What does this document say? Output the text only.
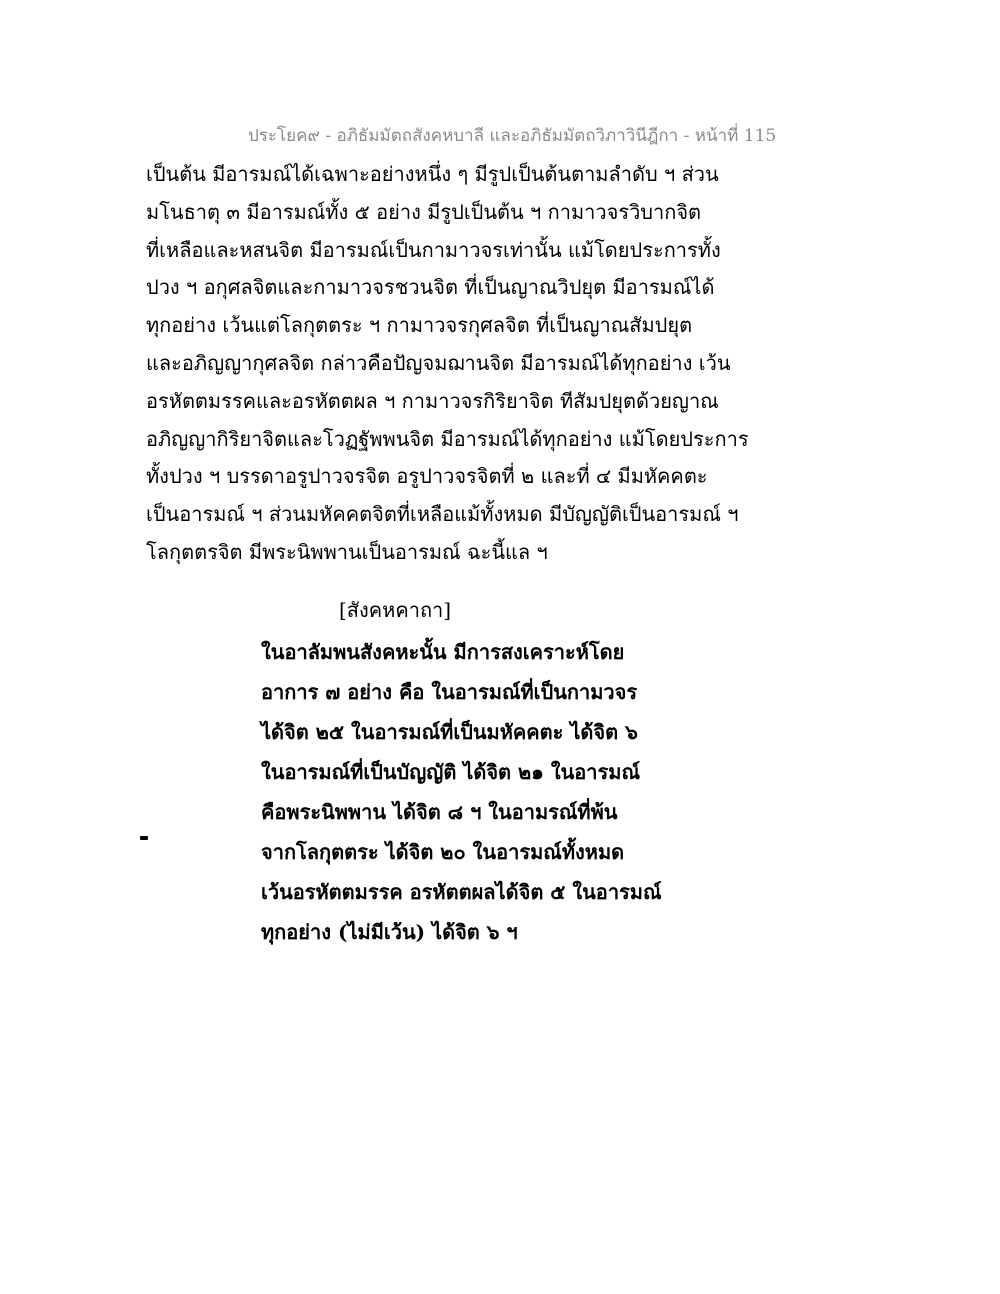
ประโยค๙ - อภิธัมมัตถสังคหบาลี และอภิธัมมัตถวิภาวินีฎีกา - หน้าที่ 115
เป็นต้น มีอารมณ์ได้เฉพาะอย่างหนึ่ง ๆ มีรูปเป็นต้นตามลำดับ ฯ ส่วน
มโนธาตุ ๓ มีอารมณ์ทั้ง ๕ อย่าง มีรูปเป็นต้น ฯ กามาวจรวิบากจิต
ที่เหลือและหสนจิต มีอารมณ์เป็นกามาวจรเท่านั้น แม้โดยประการทั้ง
ปวง ฯ อกุศลจิตและกามาวจรชวนจิต ที่เป็นญาณวิปยุต มีอารมณ์ได้
ทุกอย่าง เว้นแต่โลกุตตระ ฯ กามาวจรกุศลจิต ที่เป็นญาณสัมปยุต
และอภิญญากุศลจิต กล่าวคือปัญจมฌานจิต มีอารมณ์ได้ทุกอย่าง เว้น
อรหัตตมรรคและอรหัตตผล ฯ กามาวจรกิริยาจิต ทีสัมปยุตด้วยญาณ
อภิญญากิริยาจิตและโวฏฐัพพนจิต มีอารมณ์ได้ทุกอย่าง แม้โดยประการ
ทั้งปวง ฯ บรรดาอรูปาวจรจิต อรูปาวจรจิตที่ ๒ และที่ ๔ มีมหัคคตะ
เป็นอารมณ์ ฯ ส่วนมหัคคตจิตที่เหลือแม้ทั้งหมด มีบัญญัติเป็นอารมณ์ ฯ
โลกุตตรจิต มีพระนิพพานเป็นอารมณ์ ฉะนี้แล ฯ
[สังคหคาถา]
ในอาลัมพนสังคหะนั้น มีการสงเคราะห์โดย
อาการ ๗ อย่าง คือ ในอารมณ์ที่เป็นกามวจร
ได้จิต ๒๕ ในอารมณ์ที่เป็นมหัคคตะ ได้จิต ๖
ในอารมณ์ที่เป็นบัญญัติ ได้จิต ๒๑ ในอารมณ์
คือพระนิพพาน ได้จิต ๘ ฯ ในอามรณ์ที่พ้น
จากโลกุตตระ ได้จิต ๒๐ ในอารมณ์ทั้งหมด
เว้นอรหัตตมรรค อรหัตตผลได้จิต ๕ ในอารมณ์
ทุกอย่าง (ไม่มีเว้น) ได้จิต ๖ ฯ
